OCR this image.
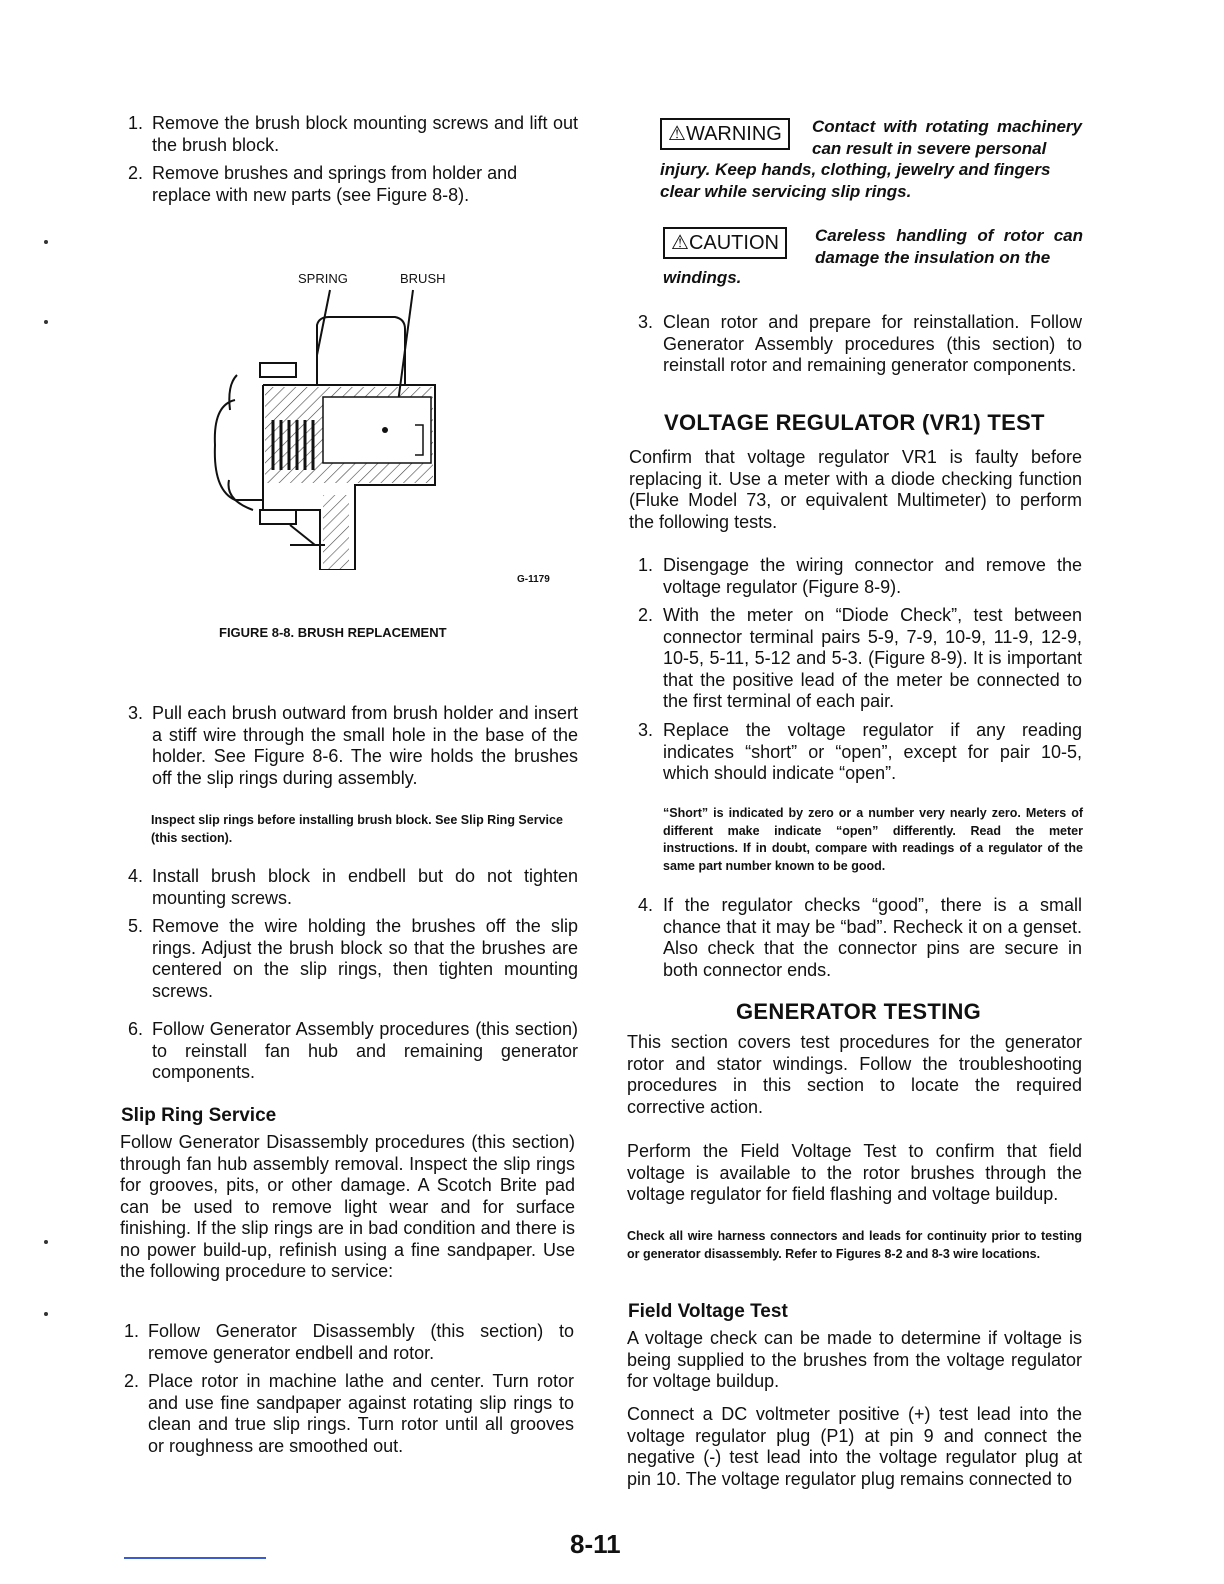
1. Remove the brush block mounting screws and lift out the brush block.
2. Remove brushes and springs from holder and replace with new parts (see Figure 8-8).
SPRING	BRUSH
G-1179
FIGURE 8-8. BRUSH REPLACEMENT
3. Pull each brush outward from brush holder and insert a stiff wire through the small hole in the base of the holder. See Figure 8-6. The wire holds the brushes off the slip rings during assembly.
Inspect slip rings before installing brush block. See Slip Ring Service (this section).
4. Install brush block in endbell but do not tighten mounting screws.
5. Remove the wire holding the brushes off the slip rings. Adjust the brush block so that the brushes are centered on the slip rings, then tighten mounting screws.
6. Follow Generator Assembly procedures (this section) to reinstall fan hub and remaining generator components.
Slip Ring Service
Follow Generator Disassembly procedures (this section) through fan hub assembly removal. Inspect the slip rings for grooves, pits, or other damage. A Scotch Brite pad can be used to remove light wear and for surface finishing. If the slip rings are in bad condition and there is no power build-up, refinish using a fine sandpaper. Use the following procedure to service:
1. Follow Generator Disassembly (this section) to remove generator endbell and rotor.
2. Place rotor in machine lathe and center. Turn rotor and use fine sandpaper against rotating slip rings to clean and true slip rings. Turn rotor until all grooves or roughness are smoothed out.
⚠WARNING	Contact with rotating machinery can result in severe personal
injury. Keep hands, clothing, jewelry and fingers clear while servicing slip rings.
⚠CAUTION	Careless handling of rotor can damage the insulation on the
windings.
3. Clean rotor and prepare for reinstallation. Follow Generator Assembly procedures (this section) to reinstall rotor and remaining generator components.
VOLTAGE REGULATOR (VR1) TEST
Confirm that voltage regulator VR1 is faulty before replacing it. Use a meter with a diode checking function (Fluke Model 73, or equivalent Multimeter) to perform the following tests.
1. Disengage the wiring connector and remove the voltage regulator (Figure 8-9).
2. With the meter on “Diode Check”, test between connector terminal pairs 5-9, 7-9, 10-9, 11-9, 12-9, 10-5, 5-11, 5-12 and 5-3. (Figure 8-9). It is important that the positive lead of the meter be connected to the first terminal of each pair.
3. Replace the voltage regulator if any reading indicates “short” or “open”, except for pair 10-5, which should indicate “open”.
“Short” is indicated by zero or a number very nearly zero. Meters of different make indicate “open” differently. Read the meter instructions. If in doubt, compare with readings of a regulator of the same part number known to be good.
4. If the regulator checks “good”, there is a small chance that it may be “bad”. Recheck it on a genset. Also check that the connector pins are secure in both connector ends.
GENERATOR TESTING
This section covers test procedures for the generator rotor and stator windings. Follow the troubleshooting procedures in this section to locate the required corrective action.
Perform the Field Voltage Test to confirm that field voltage is available to the rotor brushes through the voltage regulator for field flashing and voltage buildup.
Check all wire harness connectors and leads for continuity prior to testing or generator disassembly. Refer to Figures 8-2 and 8-3 wire locations.
Field Voltage Test
A voltage check can be made to determine if voltage is being supplied to the brushes from the voltage regulator for voltage buildup.
Connect a DC voltmeter positive (+) test lead into the voltage regulator plug (P1) at pin 9 and connect the negative (-) test lead into the voltage regulator plug at pin 10. The voltage regulator plug remains connected to
8-11
